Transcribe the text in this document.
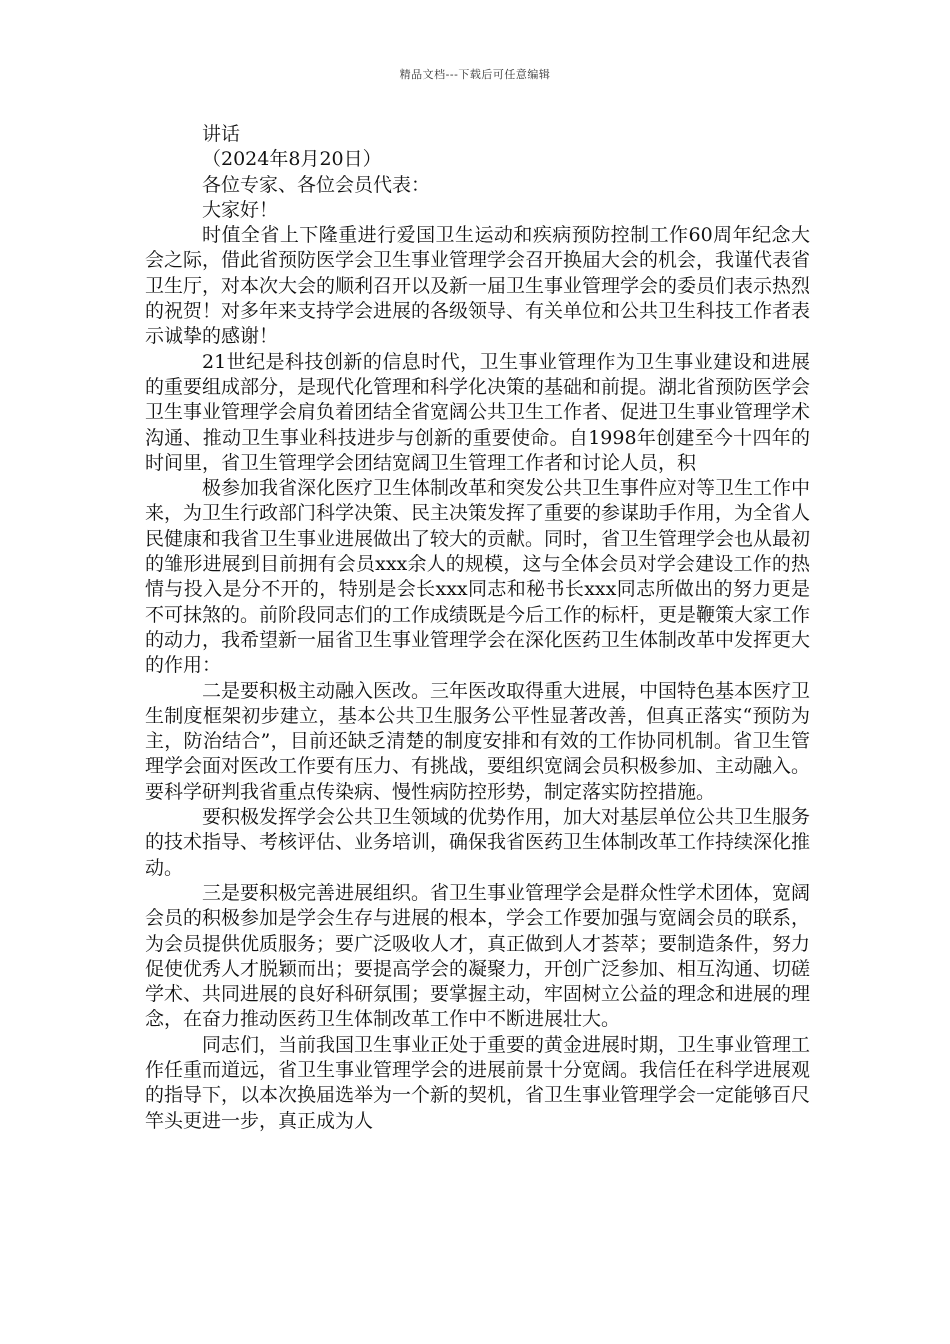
精品文档---下载后可任意编辑

讲话

（2024年8月20日）

各位专家、各位会员代表：

大家好！

时值全省上下隆重进行爱国卫生运动和疾病预防控制工作60周年纪念大会之际，借此省预防医学会卫生事业管理学会召开换届大会的机会，我谨代表省卫生厅，对本次大会的顺利召开以及新一届卫生事业管理学会的委员们表示热烈的祝贺！对多年来支持学会进展的各级领导、有关单位和公共卫生科技工作者表示诚挚的感谢！

21世纪是科技创新的信息时代，卫生事业管理作为卫生事业建设和进展的重要组成部分，是现代化管理和科学化决策的基础和前提。湖北省预防医学会卫生事业管理学会肩负着团结全省宽阔公共卫生工作者、促进卫生事业管理学术沟通、推动卫生事业科技进步与创新的重要使命。自1998年创建至今十四年的时间里，省卫生管理学会团结宽阔卫生管理工作者和讨论人员，积

极参加我省深化医疗卫生体制改革和突发公共卫生事件应对等卫生工作中来，为卫生行政部门科学决策、民主决策发挥了重要的参谋助手作用，为全省人民健康和我省卫生事业进展做出了较大的贡献。同时，省卫生管理学会也从最初的雏形进展到目前拥有会员xxx余人的规模，这与全体会员对学会建设工作的热情与投入是分不开的，特别是会长xxx同志和秘书长xxx同志所做出的努力更是不可抹煞的。前阶段同志们的工作成绩既是今后工作的标杆，更是鞭策大家工作的动力，我希望新一届省卫生事业管理学会在深化医药卫生体制改革中发挥更大的作用：

二是要积极主动融入医改。三年医改取得重大进展，中国特色基本医疗卫生制度框架初步建立，基本公共卫生服务公平性显著改善，但真正落实“预防为主，防治结合”，目前还缺乏清楚的制度安排和有效的工作协同机制。省卫生管理学会面对医改工作要有压力、有挑战，要组织宽阔会员积极参加、主动融入。要科学研判我省重点传染病、慢性病防控形势，制定落实防控措施。

要积极发挥学会公共卫生领域的优势作用，加大对基层单位公共卫生服务的技术指导、考核评估、业务培训，确保我省医药卫生体制改革工作持续深化推动。

三是要积极完善进展组织。省卫生事业管理学会是群众性学术团体，宽阔会员的积极参加是学会生存与进展的根本，学会工作要加强与宽阔会员的联系，为会员提供优质服务；要广泛吸收人才，真正做到人才荟萃；要制造条件，努力促使优秀人才脱颖而出；要提高学会的凝聚力，开创广泛参加、相互沟通、切磋学术、共同进展的良好科研氛围；要掌握主动，牢固树立公益的理念和进展的理念，在奋力推动医药卫生体制改革工作中不断进展壮大。

同志们，当前我国卫生事业正处于重要的黄金进展时期，卫生事业管理工作任重而道远，省卫生事业管理学会的进展前景十分宽阔。我信任在科学进展观的指导下，以本次换届选举为一个新的契机，省卫生事业管理学会一定能够百尺竿头更进一步，真正成为人
